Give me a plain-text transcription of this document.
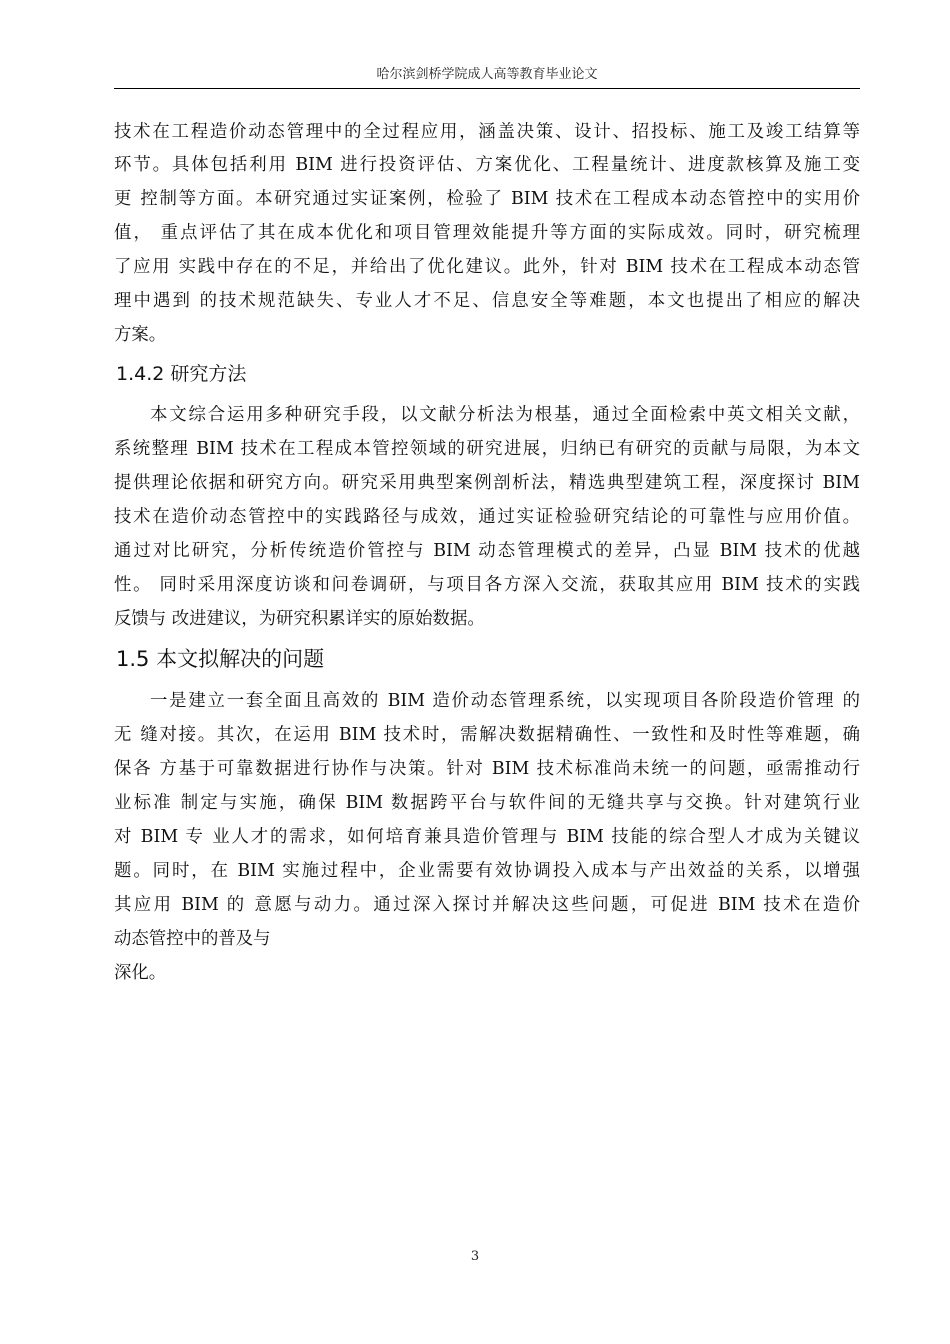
哈尔滨剑桥学院成人高等教育毕业论文
技术在工程造价动态管理中的全过程应用，涵盖决策、设计、招投标、施工及竣工结算等
环节。具体包括利用 BIM 进行投资评估、方案优化、工程量统计、进度款核算及施工变
更 控制等方面。本研究通过实证案例，检验了 BIM 技术在工程成本动态管控中的实用价
值， 重点评估了其在成本优化和项目管理效能提升等方面的实际成效。同时，研究梳理
了应用 实践中存在的不足，并给出了优化建议。此外，针对 BIM 技术在工程成本动态管
理中遇到 的技术规范缺失、专业人才不足、信息安全等难题，本文也提出了相应的解决
方案。
1.4.2 研究方法
本文综合运用多种研究手段，以文献分析法为根基，通过全面检索中英文相关文献，
系统整理 BIM 技术在工程成本管控领域的研究进展，归纳已有研究的贡献与局限，为本文
提供理论依据和研究方向。研究采用典型案例剖析法，精选典型建筑工程，深度探讨 BIM
技术在造价动态管控中的实践路径与成效，通过实证检验研究结论的可靠性与应用价值。
通过对比研究，分析传统造价管控与 BIM 动态管理模式的差异，凸显 BIM 技术的优越
性。 同时采用深度访谈和问卷调研，与项目各方深入交流，获取其应用 BIM 技术的实践
反馈与 改进建议，为研究积累详实的原始数据。
1.5 本文拟解决的问题
一是建立一套全面且高效的 BIM 造价动态管理系统，以实现项目各阶段造价管理 的
无 缝对接。其次，在运用 BIM 技术时，需解决数据精确性、一致性和及时性等难题，确
保各 方基于可靠数据进行协作与决策。针对 BIM 技术标准尚未统一的问题，亟需推动行
业标准 制定与实施，确保 BIM 数据跨平台与软件间的无缝共享与交换。针对建筑行业
对 BIM 专 业人才的需求，如何培育兼具造价管理与 BIM 技能的综合型人才成为关键议
题。同时，在 BIM 实施过程中，企业需要有效协调投入成本与产出效益的关系，以增强
其应用 BIM 的 意愿与动力。通过深入探讨并解决这些问题，可促进 BIM 技术在造价
动态管控中的普及与
深化。
3
